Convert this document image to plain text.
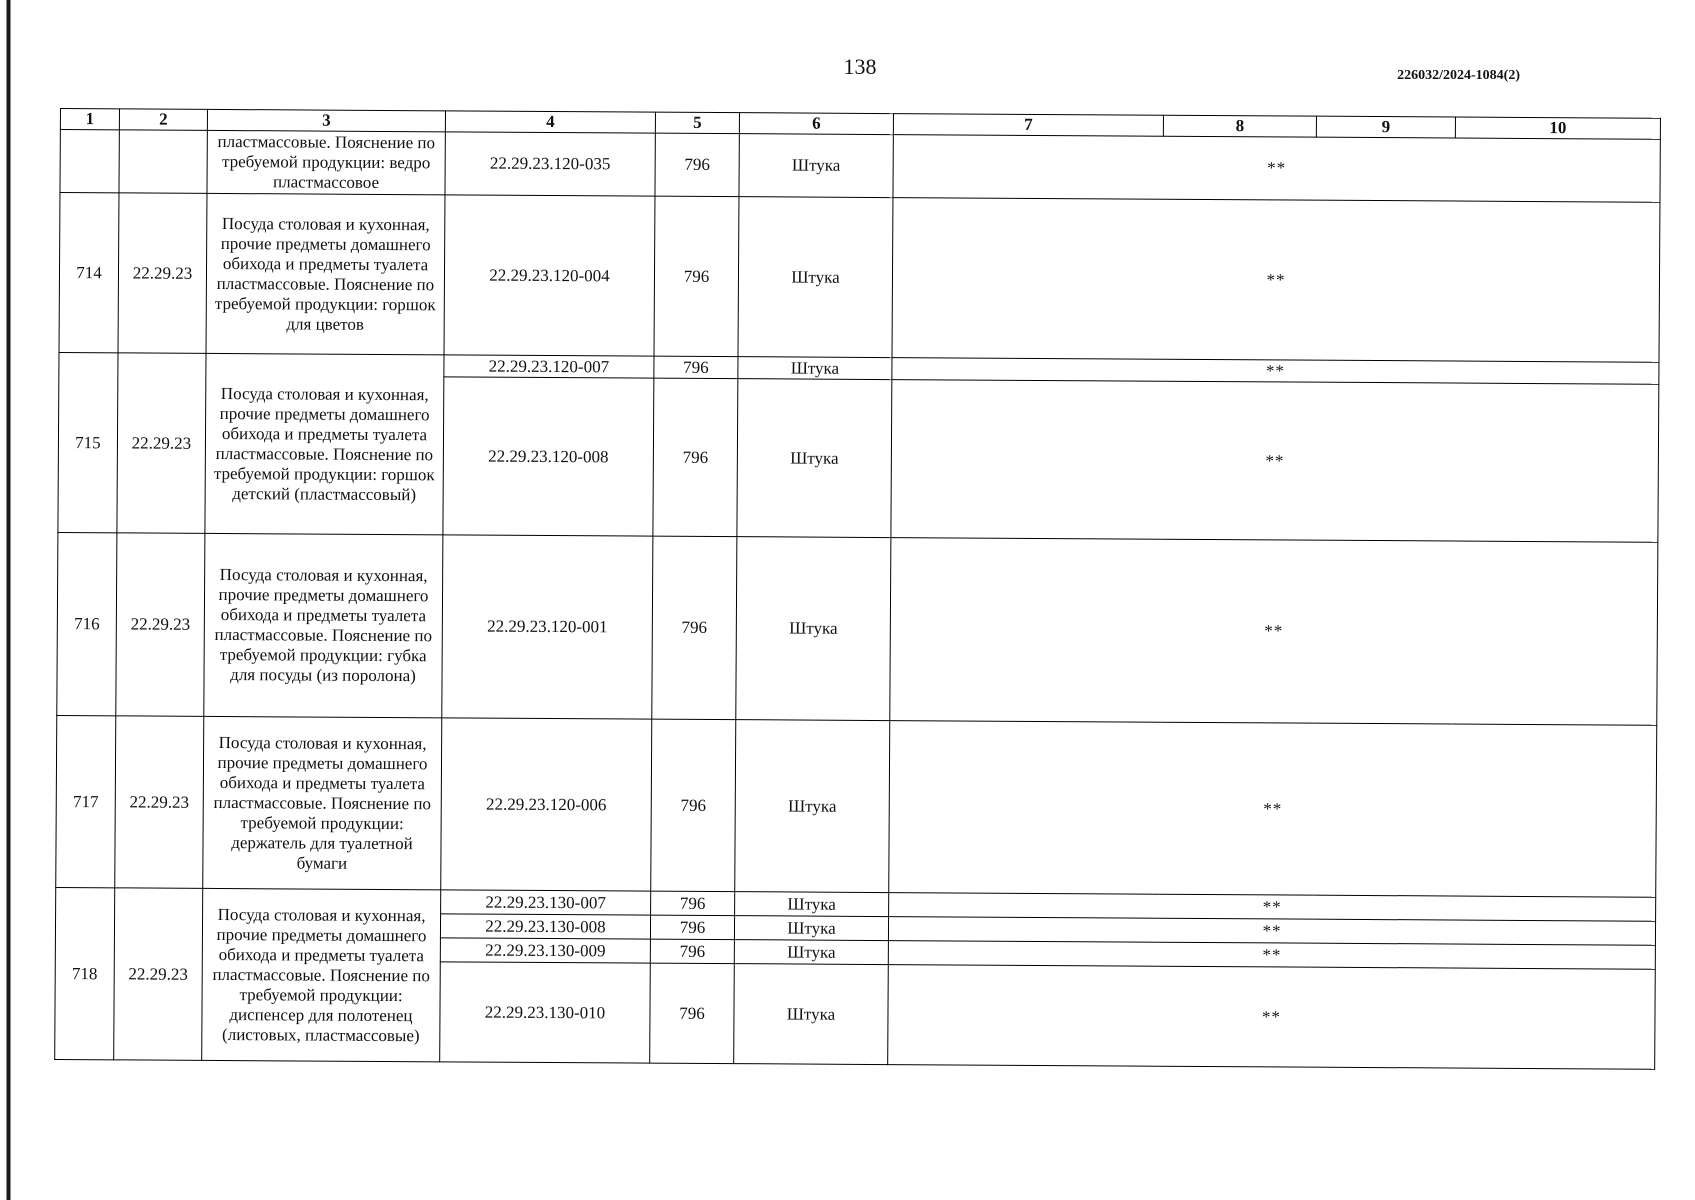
138	226032/2024-1084(2)
1	2	3	4	5	6	7	8	9	10
		пластмассовые. Пояснение по требуемой продукции: ведро пластмассовое	22.29.23.120-035	796	Штука	**			
714	22.29.23	Посуда столовая и кухонная, прочие предметы домашнего обихода и предметы туалета пластмассовые. Пояснение по требуемой продукции: горшок для цветов	22.29.23.120-004	796	Штука	**			
715	22.29.23	Посуда столовая и кухонная, прочие предметы домашнего обихода и предметы туалета пластмассовые. Пояснение по требуемой продукции: горшок детский (пластмассовый)	22.29.23.120-007	796	Штука	**			
			22.29.23.120-008	796	Штука	**			
716	22.29.23	Посуда столовая и кухонная, прочие предметы домашнего обихода и предметы туалета пластмассовые. Пояснение по требуемой продукции: губка для посуды (из поролона)	22.29.23.120-001	796	Штука	**			
717	22.29.23	Посуда столовая и кухонная, прочие предметы домашнего обихода и предметы туалета пластмассовые. Пояснение по требуемой продукции: держатель для туалетной бумаги	22.29.23.120-006	796	Штука	**			
718	22.29.23	Посуда столовая и кухонная, прочие предметы домашнего обихода и предметы туалета пластмассовые. Пояснение по требуемой продукции: диспенсер для полотенец (листовых, пластмассовые)	22.29.23.130-007	796	Штука	**			
			22.29.23.130-008	796	Штука	**			
			22.29.23.130-009	796	Штука	**			
			22.29.23.130-010	796	Штука	**			
